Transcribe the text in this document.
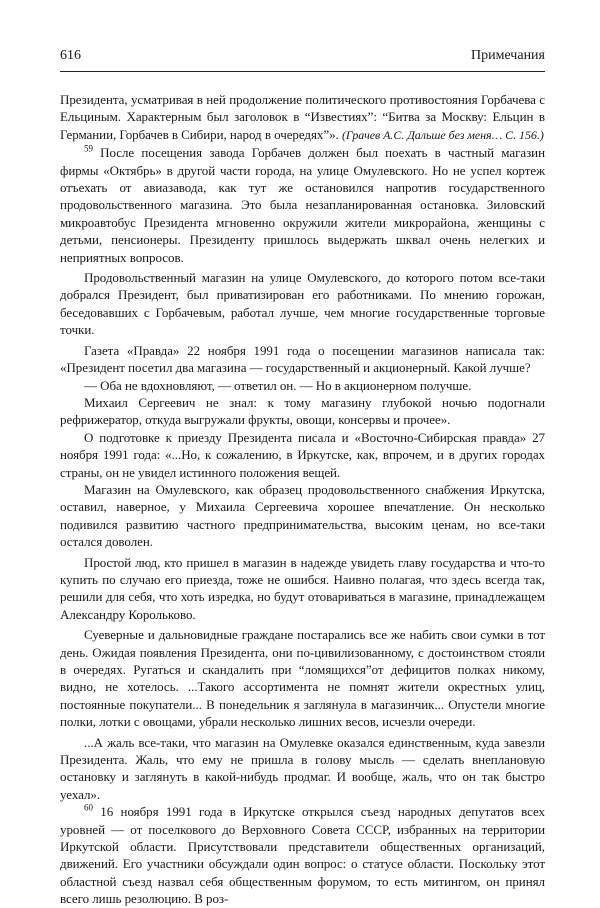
616	Примечания

Президента, усматривая в ней продолжение политического противостояния Горбачева с Ельциным. Характерным был заголовок в “Известиях”: “Битва за Москву: Ельцин в Германии, Горбачев в Сибири, народ в очередях”». (Грачев А.С. Дальше без меня… С. 156.)

$^{59}$ После посещения завода Горбачев должен был поехать в частный магазин фирмы «Октябрь» в другой части города, на улице Омулевского. Но не успел кортеж отъехать от авиазавода, как тут же остановился напротив государственного продовольственного магазина. Это была незапланированная остановка. Зиловский микроавтобус Президента мгновенно окружили жители микрорайона, женщины с детьми, пенсионеры. Президенту пришлось выдержать шквал очень нелегких и неприятных вопросов.

Продовольственный магазин на улице Омулевского, до которого потом все-таки добрался Президент, был приватизирован его работниками. По мнению горожан, беседовавших с Горбачевым, работал лучше, чем многие государственные торговые точки.

Газета «Правда» 22 ноября 1991 года о посещении магазинов написала так: «Президент посетил два магазина — государственный и акционерный. Какой лучше?

— Оба не вдохновляют, — ответил он. — Но в акционерном получше.

Михаил Сергеевич не знал: к тому магазину глубокой ночью подогнали рефрижератор, откуда выгружали фрукты, овощи, консервы и прочее».

О подготовке к приезду Президента писала и «Восточно-Сибирская правда» 27 ноября 1991 года: «...Но, к сожалению, в Иркутске, как, впрочем, и в других городах страны, он не увидел истинного положения вещей.

Магазин на Омулевского, как образец продовольственного снабжения Иркутска, оставил, наверное, у Михаила Сергеевича хорошее впечатление. Он несколько подивился развитию частного предпринимательства, высоким ценам, но все-таки остался доволен.

Простой люд, кто пришел в магазин в надежде увидеть главу государства и что-то купить по случаю его приезда, тоже не ошибся. Наивно полагая, что здесь всегда так, решили для себя, что хоть изредка, но будут отовариваться в магазине, принадлежащем Александру Корольково.

Суеверные и дальновидные граждане постарались все же набить свои сумки в тот день. Ожидая появления Президента, они по-цивилизованному, с достоинством стояли в очередях. Ругаться и скандалить при “ломящихся”от дефицитов полках никому, видно, не хотелось. ...Такого ассортимента не помнят жители окрестных улиц, постоянные покупатели... В понедельник я заглянула в магазинчик... Опустели многие полки, лотки с овощами, убрали несколько лишних весов, исчезли очереди.

...А жаль все-таки, что магазин на Омулевке оказался единственным, куда завезли Президента. Жаль, что ему не пришла в голову мысль — сделать внеплановую остановку и заглянуть в какой-нибудь продмаг. И вообще, жаль, что он так быстро уехал».

$^{60}$ 16 ноября 1991 года в Иркутске открылся съезд народных депутатов всех уровней — от поселкового до Верховного Совета СССР, избранных на территории Иркутской области. Присутствовали представители общественных организаций, движений. Его участники обсуждали один вопрос: о статусе области. Поскольку этот областной съезд назвал себя общественным форумом, то есть митингом, он принял всего лишь резолюцию. В роз-
